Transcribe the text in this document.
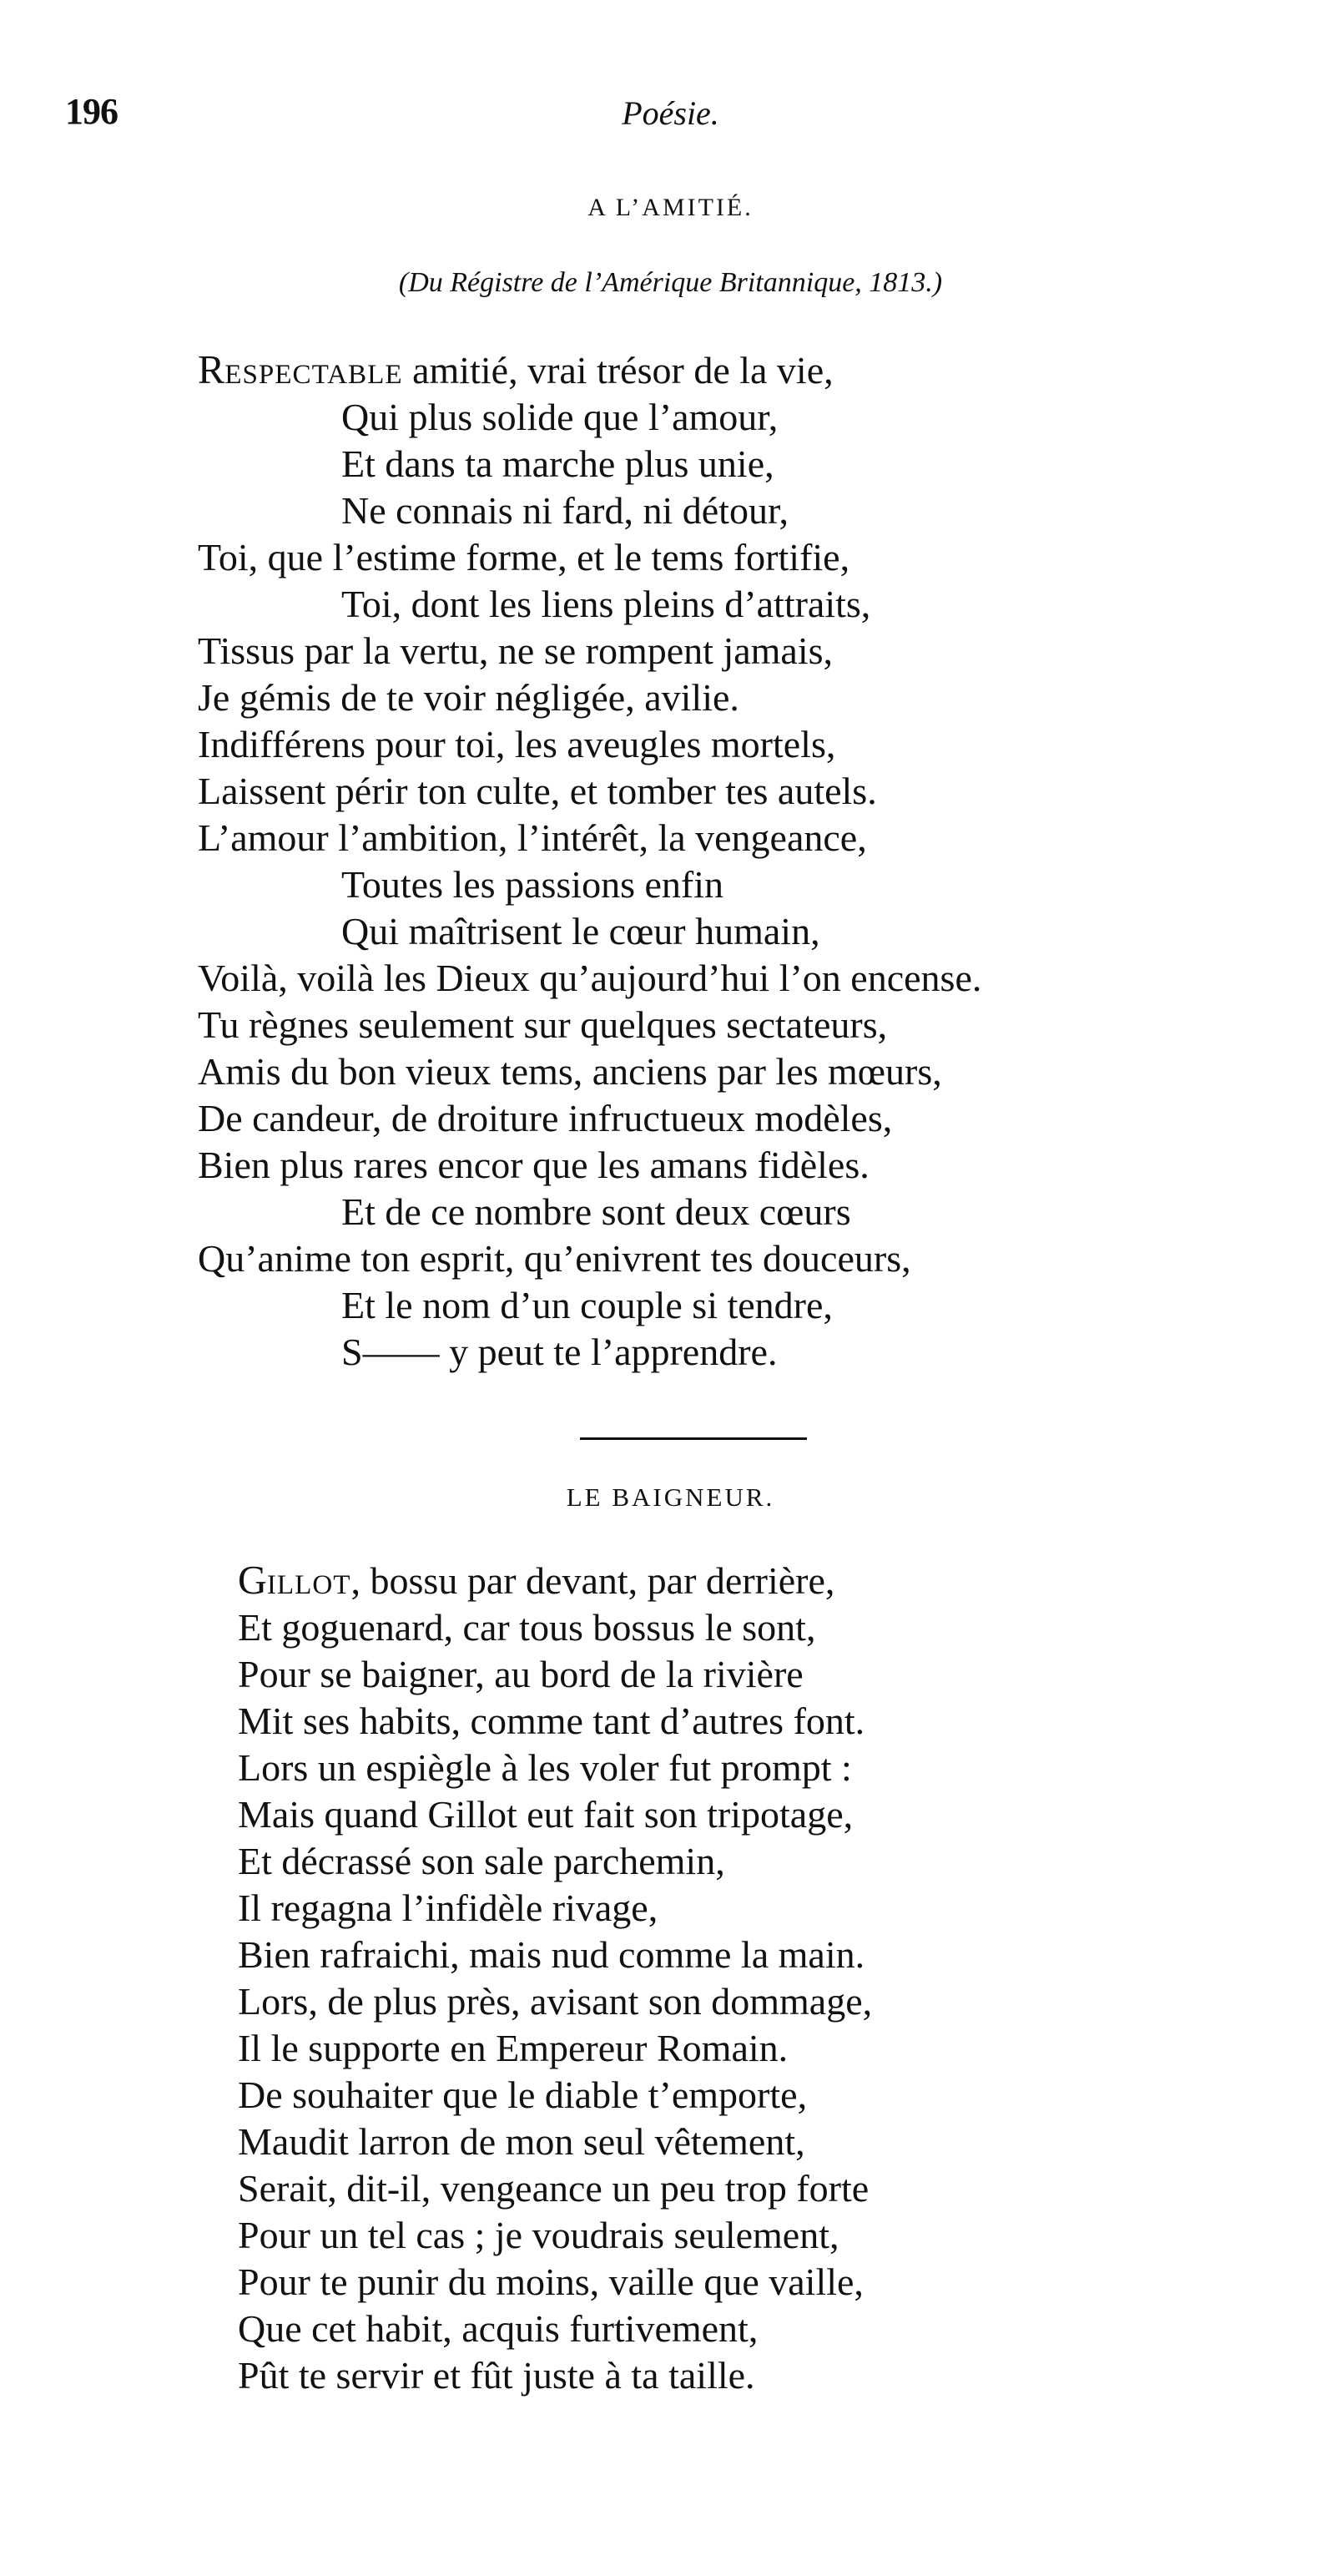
196	Poésie.
A L’AMITIÉ.
(Du Régistre de l’Amérique Britannique, 1813.)
RESPECTABLE amitié, vrai trésor de la vie,
Qui plus solide que l’amour,
Et dans ta marche plus unie,
Ne connais ni fard, ni détour,
Toi, que l’estime forme, et le tems fortifie,
Toi, dont les liens pleins d’attraits,
Tissus par la vertu, ne se rompent jamais,
Je gémis de te voir négligée, avilie.
Indifférens pour toi, les aveugles mortels,
Laissent périr ton culte, et tomber tes autels.
L’amour l’ambition, l’intérêt, la vengeance,
Toutes les passions enfin
Qui maîtrisent le cœur humain,
Voilà, voilà les Dieux qu’aujourd’hui l’on encense.
Tu règnes seulement sur quelques sectateurs,
Amis du bon vieux tems, anciens par les mœurs,
De candeur, de droiture infructueux modèles,
Bien plus rares encor que les amans fidèles.
Et de ce nombre sont deux cœurs
Qu’anime ton esprit, qu’enivrent tes douceurs,
Et le nom d’un couple si tendre,
S—— y peut te l’apprendre.
LE BAIGNEUR.
GILLOT, bossu par devant, par derrière,
Et goguenard, car tous bossus le sont,
Pour se baigner, au bord de la rivière
Mit ses habits, comme tant d’autres font.
Lors un espiègle à les voler fut prompt :
Mais quand Gillot eut fait son tripotage,
Et décrassé son sale parchemin,
Il regagna l’infidèle rivage,
Bien rafraichi, mais nud comme la main.
Lors, de plus près, avisant son dommage,
Il le supporte en Empereur Romain.
De souhaiter que le diable t’emporte,
Maudit larron de mon seul vêtement,
Serait, dit-il, vengeance un peu trop forte
Pour un tel cas ; je voudrais seulement,
Pour te punir du moins, vaille que vaille,
Que cet habit, acquis furtivement,
Pût te servir et fût juste à ta taille.
